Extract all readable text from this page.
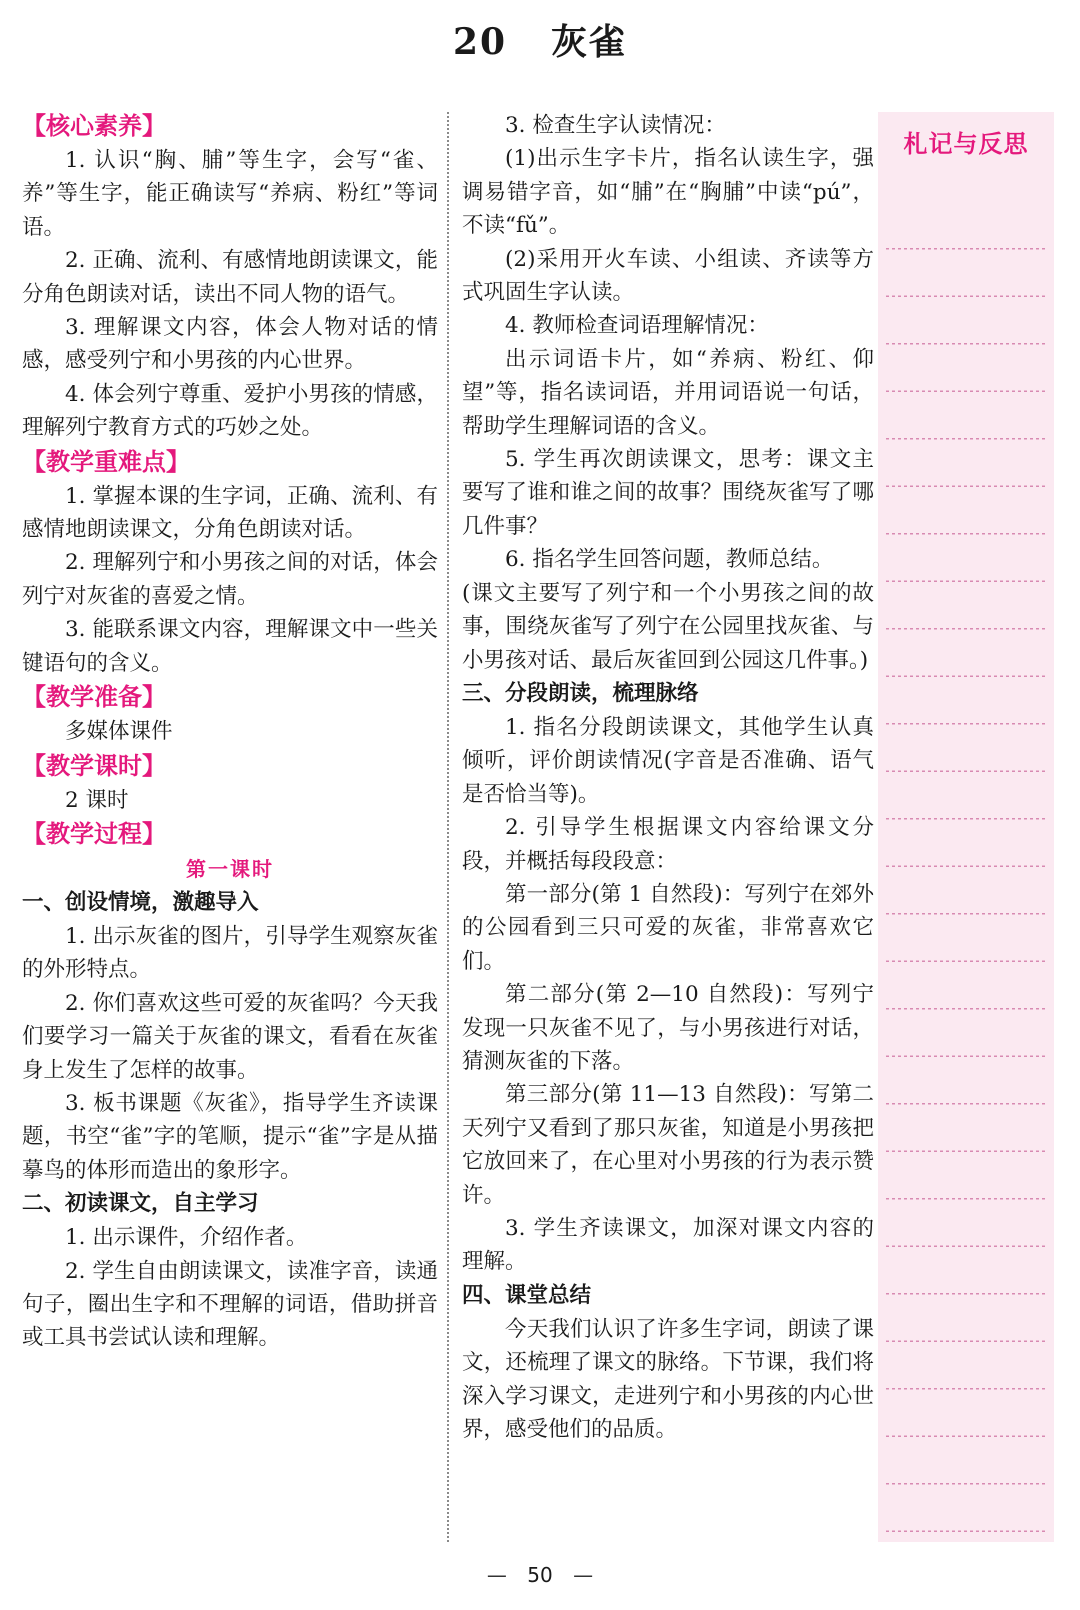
20 灰雀
【核心素养】

1. 认识“胸、脯”等生字，会写“雀、养”等生字，能正确读写“养病、粉红”等词语。

2. 正确、流利、有感情地朗读课文，能分角色朗读对话，读出不同人物的语气。

3. 理解课文内容，体会人物对话的情感，感受列宁和小男孩的内心世界。

4. 体会列宁尊重、爱护小男孩的情感，理解列宁教育方式的巧妙之处。

【教学重难点】

1. 掌握本课的生字词，正确、流利、有感情地朗读课文，分角色朗读对话。

2. 理解列宁和小男孩之间的对话，体会列宁对灰雀的喜爱之情。

3. 能联系课文内容，理解课文中一些关键语句的含义。

【教学准备】

多媒体课件

【教学课时】

2 课时

【教学过程】
第一课时
一、创设情境，激趣导入

1. 出示灰雀的图片，引导学生观察灰雀的外形特点。

2. 你们喜欢这些可爱的灰雀吗？今天我们要学习一篇关于灰雀的课文，看看在灰雀身上发生了怎样的故事。

3. 板书课题《灰雀》，指导学生齐读课题，书空“雀”字的笔顺，提示“雀”字是从描摹鸟的体形而造出的象形字。

二、初读课文，自主学习

1. 出示课件，介绍作者。

2. 学生自由朗读课文，读准字音，读通句子，圈出生字和不理解的词语，借助拼音或工具书尝试认读和理解。

3. 检查生字认读情况：

(1)出示生字卡片，指名认读生字，强调易错字音，如“脯”在“胸脯”中读“pú”，不读“fǔ”。

(2)采用开火车读、小组读、齐读等方式巩固生字认读。

4. 教师检查词语理解情况：

出示词语卡片，如“养病、粉红、仰望”等，指名读词语，并用词语说一句话，帮助学生理解词语的含义。

5. 学生再次朗读课文，思考：课文主要写了谁和谁之间的故事？围绕灰雀写了哪几件事？

6. 指名学生回答问题，教师总结。

(课文主要写了列宁和一个小男孩之间的故事，围绕灰雀写了列宁在公园里找灰雀、与小男孩对话、最后灰雀回到公园这几件事。)

三、分段朗读，梳理脉络

1. 指名分段朗读课文，其他学生认真倾听，评价朗读情况(字音是否准确、语气是否恰当等)。

2. 引导学生根据课文内容给课文分段，并概括每段段意：

第一部分(第 1 自然段)：写列宁在郊外的公园看到三只可爱的灰雀，非常喜欢它们。

第二部分(第 2—10 自然段)：写列宁发现一只灰雀不见了，与小男孩进行对话，猜测灰雀的下落。

第三部分(第 11—13 自然段)：写第二天列宁又看到了那只灰雀，知道是小男孩把它放回来了，在心里对小男孩的行为表示赞许。

3. 学生齐读课文，加深对课文内容的理解。

四、课堂总结

今天我们认识了许多生字词，朗读了课文，还梳理了课文的脉络。下节课，我们将深入学习课文，走进列宁和小男孩的内心世界，感受他们的品质。

札记与反思
— 50 —
